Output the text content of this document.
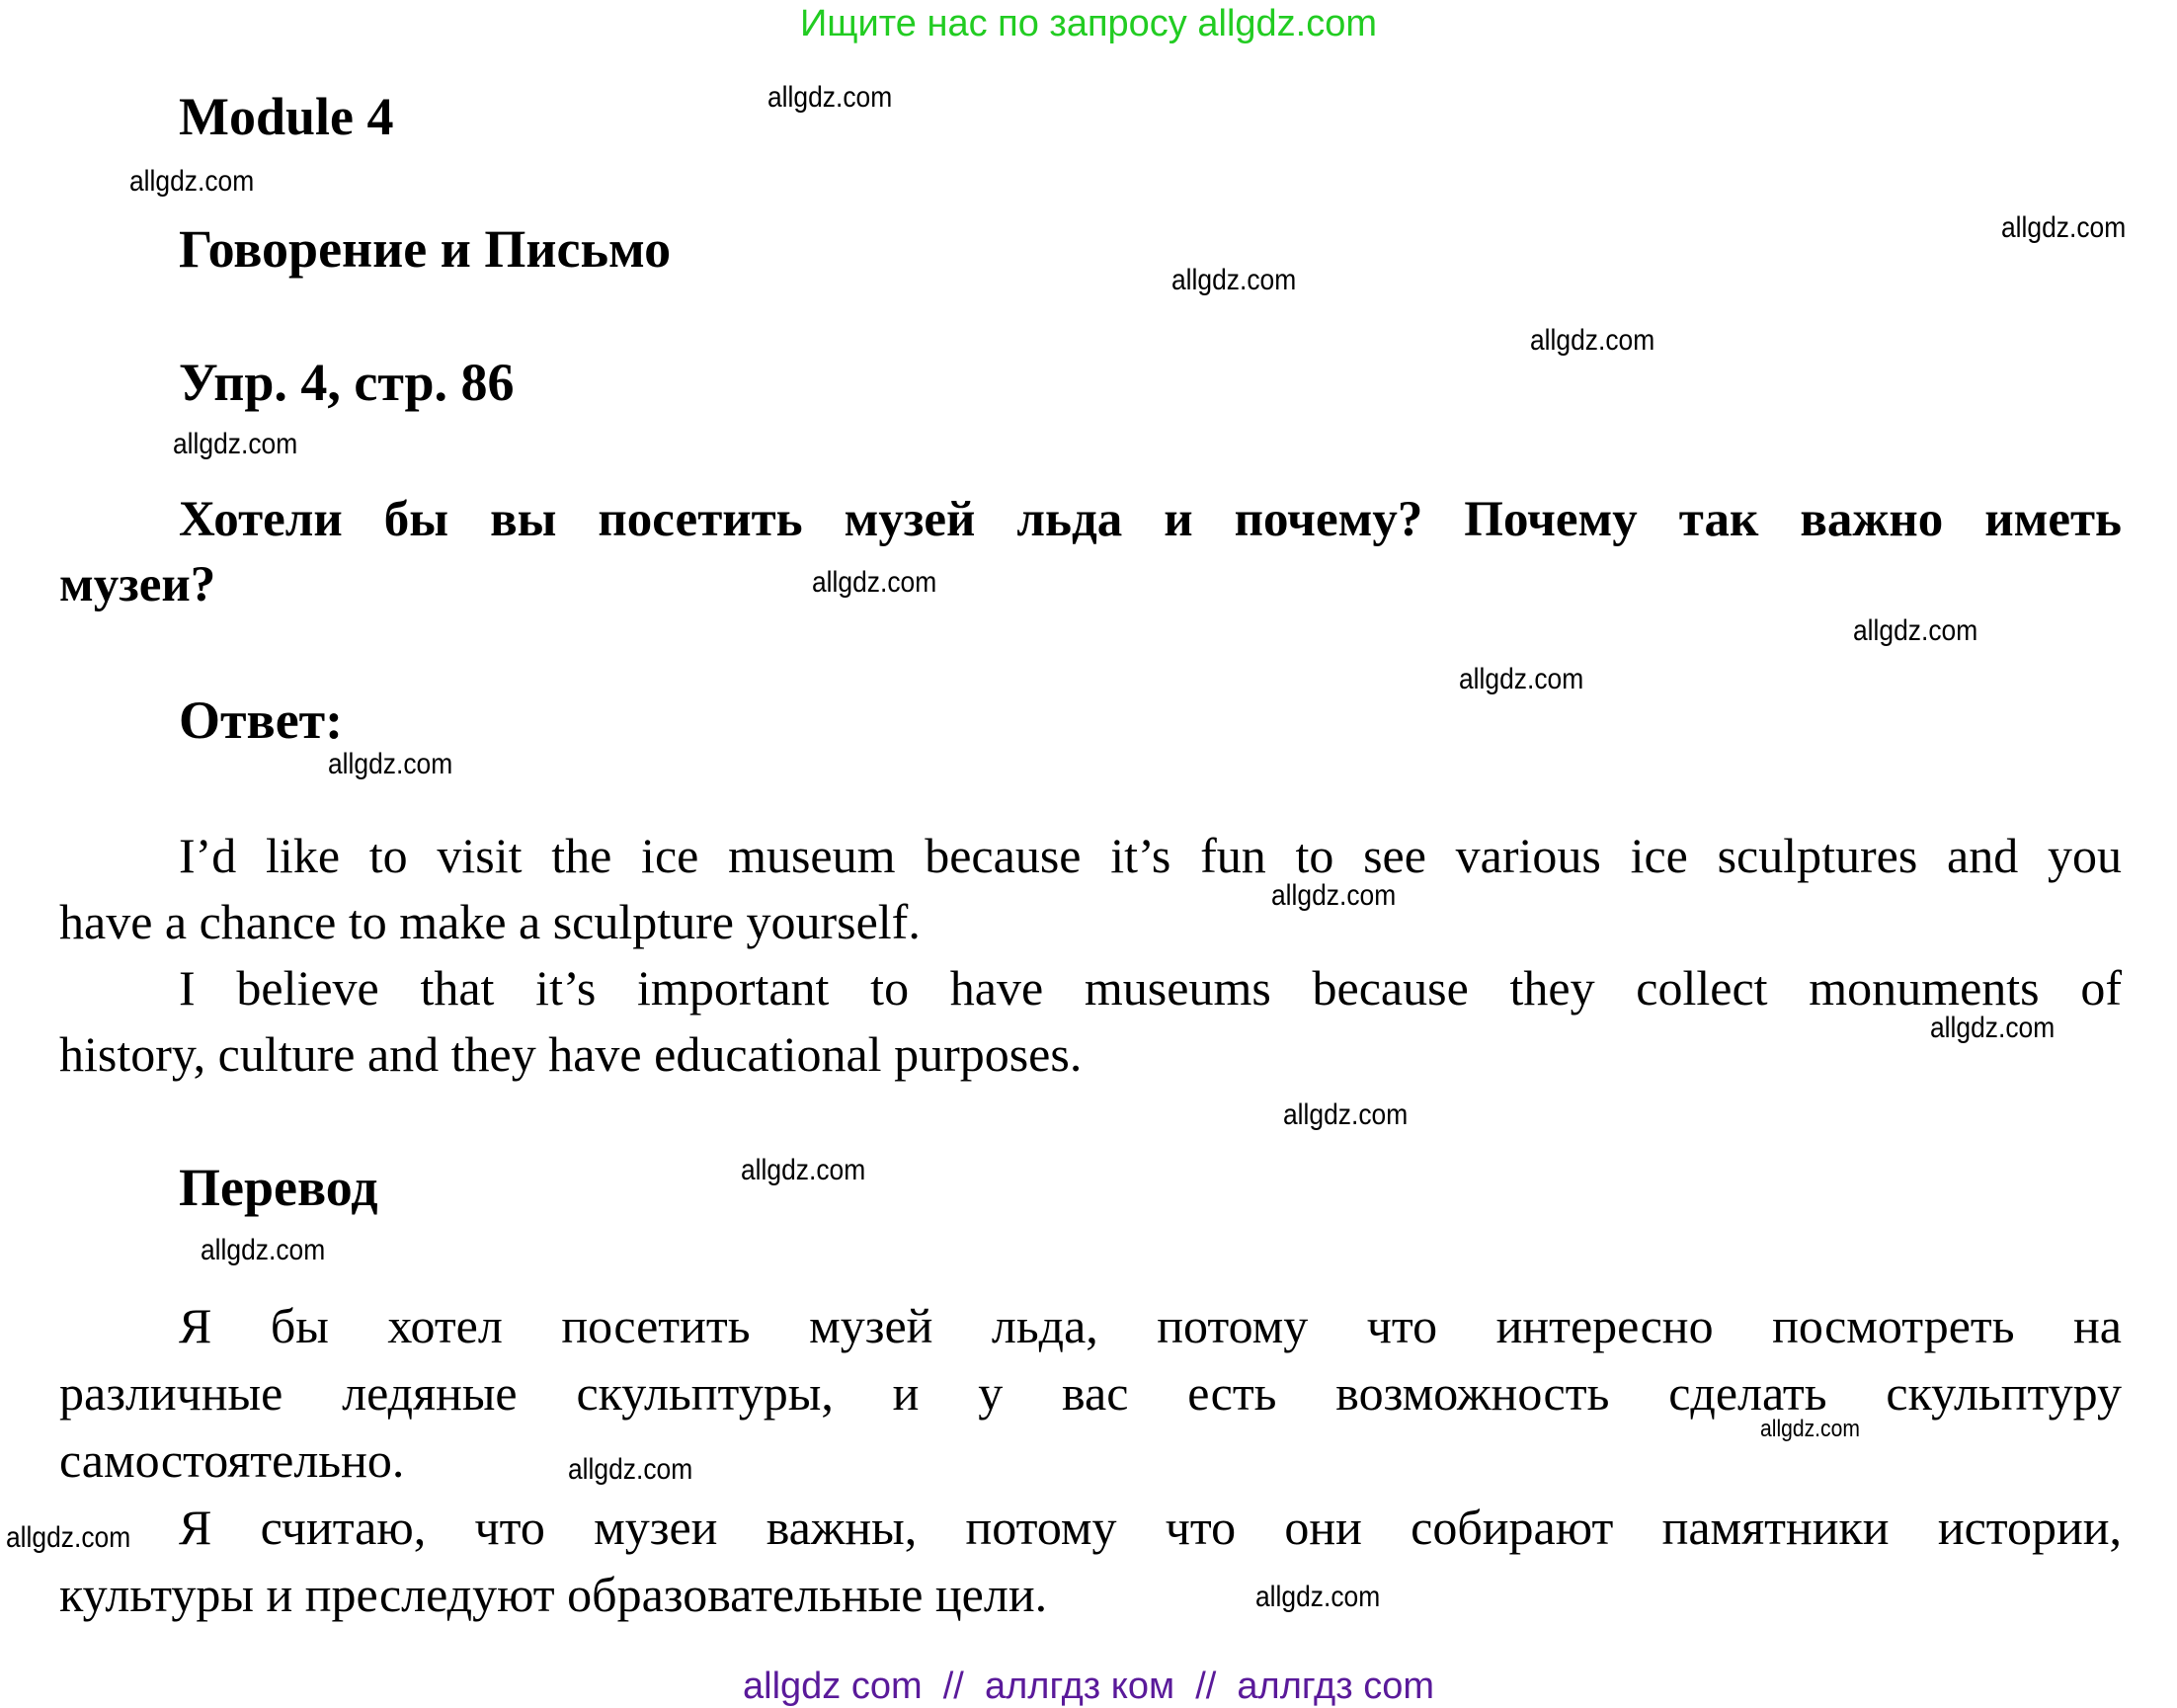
Ищите нас по запросу allgdz.com
Module 4
Говорение и Письмо
Упр. 4, стр. 86
Хотели бы вы посетить музей льда и почему? Почему так важно иметь
музеи?
Ответ:
I’d like to visit the ice museum because it’s fun to see various ice sculptures and you
have a chance to make a sculpture yourself.
I believe that it’s important to have museums because they collect monuments of
history, culture and they have educational purposes.
Перевод
Я бы хотел посетить музей льда, потому что интересно посмотреть на
различные ледяные скульптуры, и у вас есть возможность сделать скульптуру
самостоятельно.
Я считаю, что музеи важны, потому что они собирают памятники истории,
культуры и преследуют образовательные цели.
allgdz.com
allgdz.com
allgdz.com
allgdz.com
allgdz.com
allgdz.com
allgdz.com
allgdz.com
allgdz.com
allgdz.com
allgdz.com
allgdz.com
allgdz.com
allgdz.com
allgdz.com
allgdz.com
allgdz.com
allgdz.com
allgdz.com
allgdz com  //  аллгдз ком  //  аллгдз com
